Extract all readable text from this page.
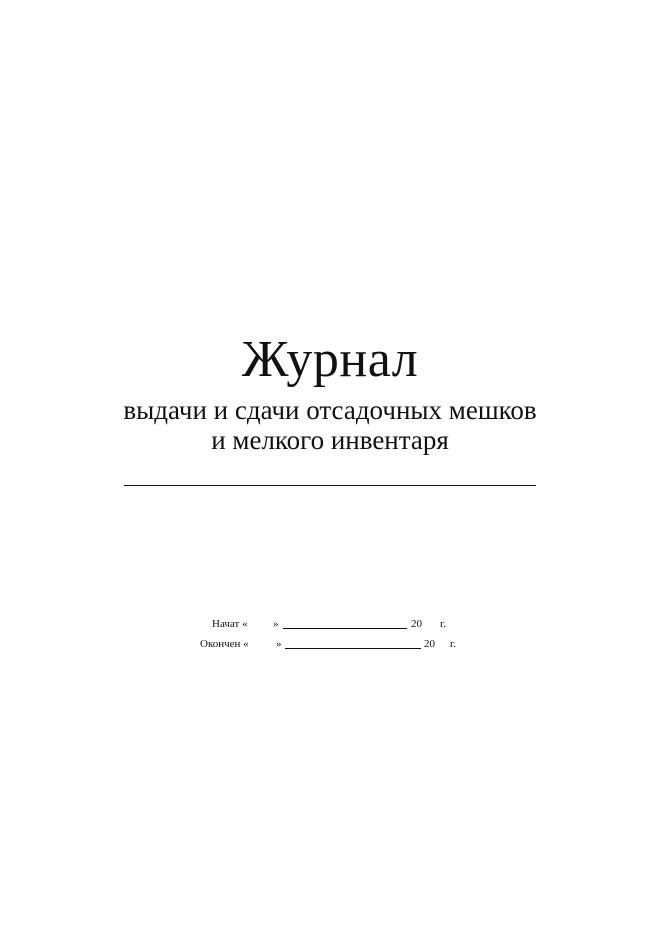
Журнал
выдачи и сдачи отсадочных мешков
и мелкого инвентаря
Начат « »	20 г.
Окончен « »	20 г.
